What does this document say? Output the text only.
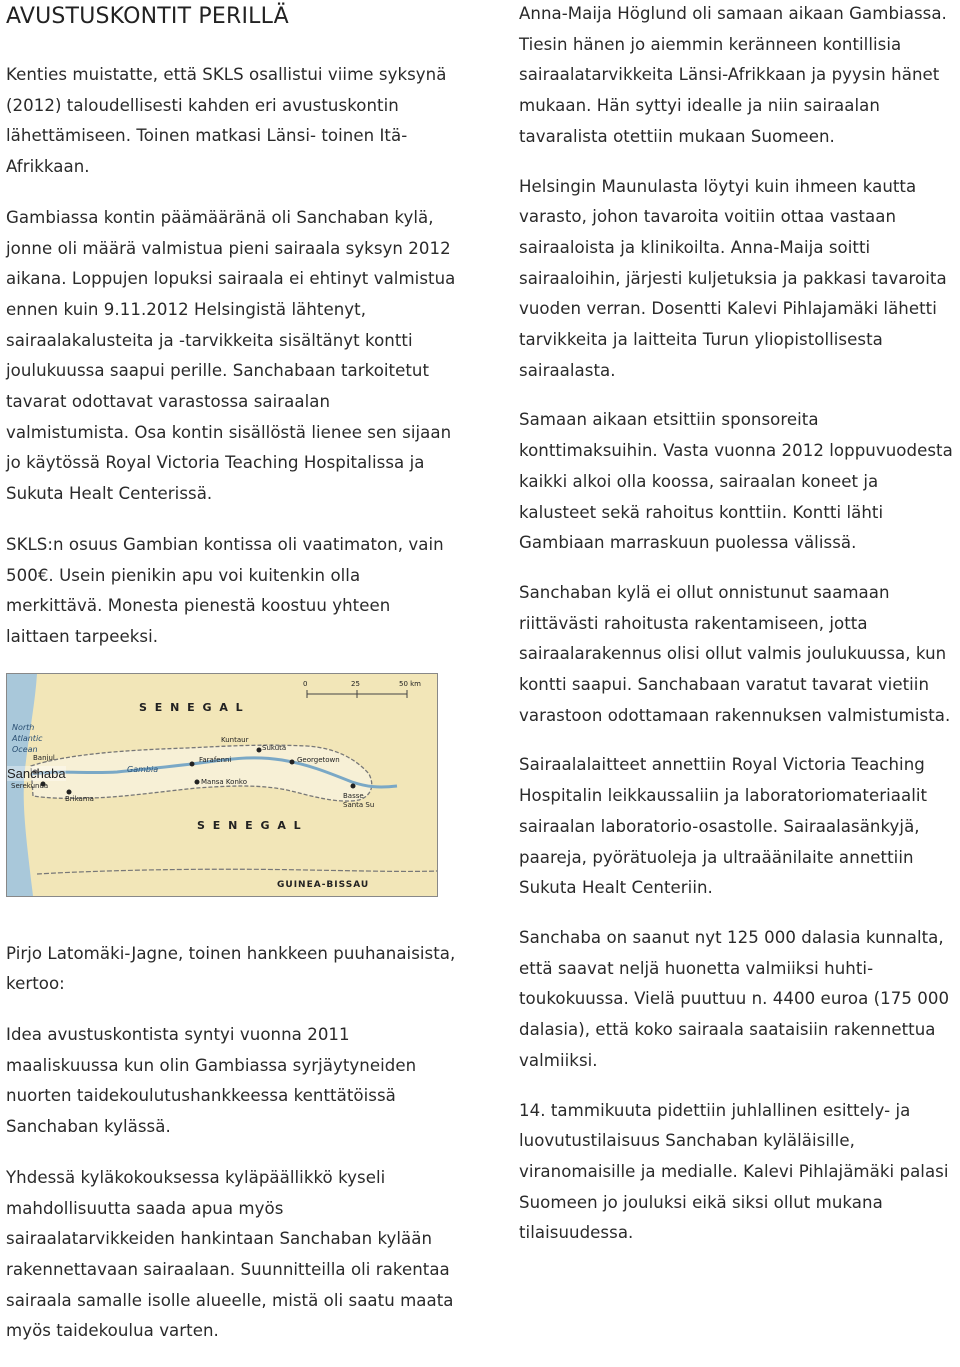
AVUSTUSKONTIT PERILLÄ

Kenties muistatte, että SKLS osallistui viime syksynä (2012) taloudellisesti kahden eri avustuskontin lähettämiseen. Toinen matkasi Länsi- toinen Itä-Afrikkaan.

Gambiassa kontin päämääränä oli Sanchaban kylä, jonne oli määrä valmistua pieni sairaala syksyn 2012 aikana. Loppujen lopuksi sairaala ei ehtinyt valmistua ennen kuin 9.11.2012 Helsingistä lähtenyt, sairaalakalusteita ja -tarvikkeita sisältänyt kontti joulukuussa saapui perille. Sanchabaan tarkoitetut tavarat odottavat varastossa sairaalan valmistumista. Osa kontin sisällöstä lienee sen sijaan jo käytössä Royal Victoria Teaching Hospitalissa ja Sukuta Healt Centerissä.

SKLS:n osuus Gambian kontissa oli vaatimaton, vain 500€. Usein pienikin apu voi kuitenkin olla merkittävä. Monesta pienestä koostuu yhteen laittaen tarpeeksi.

S E N E G A L
S E N E G A L
GUINEA-BISSAU
North Atlantic Ocean
Gambia
0	25	50 km
Serekunda
Brikama
Farafenni
Mansa Konko
Kuntaur
Sukuta
Georgetown
Basse Santa Su
Banjul
Sanchaba

Pirjo Latomäki-Jagne, toinen hankkeen puuhanaisista, kertoo:

Idea avustuskontista syntyi vuonna 2011 maaliskuussa kun olin Gambiassa syrjäytyneiden nuorten taidekoulutushankkeessa kenttätöissä Sanchaban kylässä.

Yhdessä kyläkokouksessa kyläpäällikkö kyseli mahdollisuutta saada apua myös sairaalatarvikkeiden hankintaan Sanchaban kylään rakennettavaan sairaalaan. Suunnitteilla oli rakentaa sairaala samalle isolle alueelle, mistä oli saatu maata myös taidekoulua varten.

Anna-Maija Höglund oli samaan aikaan Gambiassa. Tiesin hänen jo aiemmin keränneen kontillisia sairaalatarvikkeita Länsi-Afrikkaan ja pyysin hänet mukaan. Hän syttyi idealle ja niin sairaalan tavaralista otettiin mukaan Suomeen.

Helsingin Maunulasta löytyi kuin ihmeen kautta varasto, johon tavaroita voitiin ottaa vastaan sairaaloista ja klinikoilta. Anna-Maija soitti sairaaloihin, järjesti kuljetuksia ja pakkasi tavaroita vuoden verran. Dosentti Kalevi Pihlajamäki lähetti tarvikkeita ja laitteita Turun yliopistollisesta sairaalasta.

Samaan aikaan etsittiin sponsoreita konttimaksuihin. Vasta vuonna 2012 loppuvuodesta kaikki alkoi olla koossa, sairaalan koneet ja kalusteet sekä rahoitus konttiin. Kontti lähti Gambiaan marraskuun puolessa välissä.

Sanchaban kylä ei ollut onnistunut saamaan riittävästi rahoitusta rakentamiseen, jotta sairaalarakennus olisi ollut valmis joulukuussa, kun kontti saapui. Sanchabaan varatut tavarat vietiin varastoon odottamaan rakennuksen valmistumista.

Sairaalalaitteet annettiin Royal Victoria Teaching Hospitalin leikkaussaliin ja laboratoriomateriaalit sairaalan laboratorio-osastolle. Sairaalasänkyjä, paareja, pyörätuoleja ja ultraäänilaite annettiin Sukuta Healt Centeriin.

Sanchaba on saanut nyt 125 000 dalasia kunnalta, että saavat neljä huonetta valmiiksi huhti-toukokuussa. Vielä puuttuu n. 4400 euroa (175 000 dalasia), että koko sairaala saataisiin rakennettua valmiiksi.

14. tammikuuta pidettiin juhlallinen esittely- ja luovutustilaisuus Sanchaban kyläläisille, viranomaisille ja medialle. Kalevi Pihlajämäki palasi Suomeen jo jouluksi eikä siksi ollut mukana tilaisuudessa.
